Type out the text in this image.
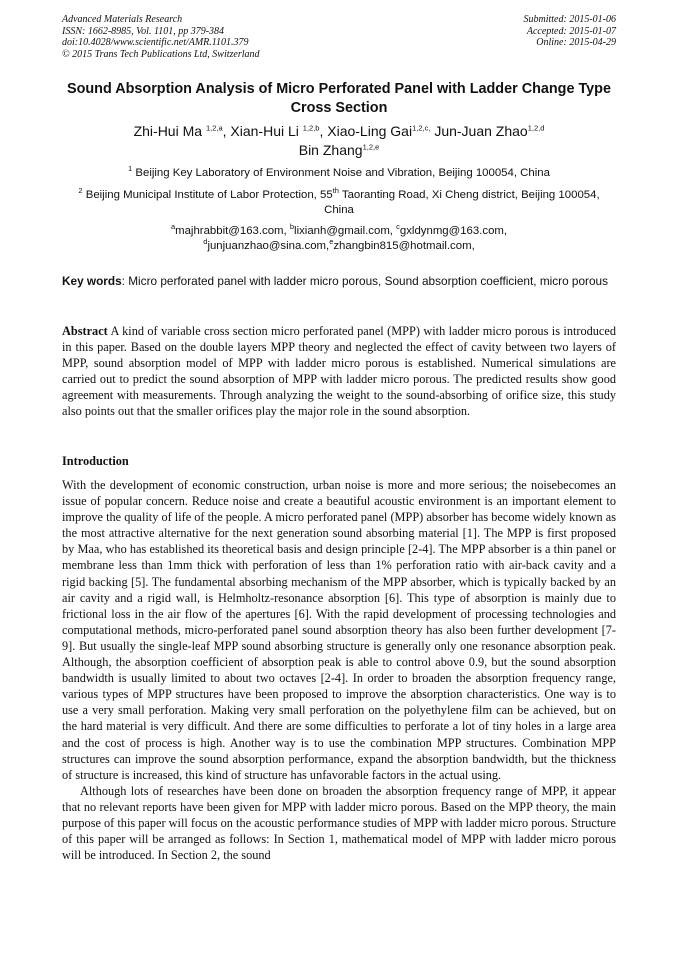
Advanced Materials Research
ISSN: 1662-8985, Vol. 1101, pp 379-384
doi:10.4028/www.scientific.net/AMR.1101.379
© 2015 Trans Tech Publications Ltd, Switzerland
Submitted: 2015-01-06
Accepted: 2015-01-07
Online: 2015-04-29
Sound Absorption Analysis of Micro Perforated Panel with Ladder Change Type Cross Section
Zhi-Hui Ma $^{1,2,a}$, Xian-Hui Li $^{1,2,b}$, Xiao-Ling Gai$^{1,2,c,}$ Jun-Juan Zhao$^{1,2,d}$
Bin Zhang$^{1,2,e}$
$^1$ Beijing Key Laboratory of Environment Noise and Vibration, Beijing 100054, China
$^2$ Beijing Municipal Institute of Labor Protection, 55th Taoranting Road, Xi Cheng district, Beijing 100054, China
$^a$majhrabbit@163.com, $^b$lixianh@gmail.com, $^c$gxldynmg@163.com,
$^d$junjuanzhao@sina.com,$^e$zhangbin815@hotmail.com,
Key words: Micro perforated panel with ladder micro porous, Sound absorption coefficient, micro porous
Abstract A kind of variable cross section micro perforated panel (MPP) with ladder micro porous is introduced in this paper. Based on the double layers MPP theory and neglected the effect of cavity between two layers of MPP, sound absorption model of MPP with ladder micro porous is established. Numerical simulations are carried out to predict the sound absorption of MPP with ladder micro porous. The predicted results show good agreement with measurements. Through analyzing the weight to the sound-absorbing of orifice size, this study also points out that the smaller orifices play the major role in the sound absorption.
Introduction

With the development of economic construction, urban noise is more and more serious; the noisebecomes an issue of popular concern. Reduce noise and create a beautiful acoustic environment is an important element to improve the quality of life of the people. A micro perforated panel (MPP) absorber has become widely known as the most attractive alternative for the next generation sound absorbing material [1]. The MPP is first proposed by Maa, who has established its theoretical basis and design principle [2-4]. The MPP absorber is a thin panel or membrane less than 1mm thick with perforation of less than 1% perforation ratio with air-back cavity and a rigid backing [5]. The fundamental absorbing mechanism of the MPP absorber, which is typically backed by an air cavity and a rigid wall, is Helmholtz-resonance absorption [6]. This type of absorption is mainly due to frictional loss in the air flow of the apertures [6]. With the rapid development of processing technologies and computational methods, micro-perforated panel sound absorption theory has also been further development [7-9]. But usually the single-leaf MPP sound absorbing structure is generally only one resonance absorption peak. Although, the absorption coefficient of absorption peak is able to control above 0.9, but the sound absorption bandwidth is usually limited to about two octaves [2-4]. In order to broaden the absorption frequency range, various types of MPP structures have been proposed to improve the absorption characteristics. One way is to use a very small perforation. Making very small perforation on the polyethylene film can be achieved, but on the hard material is very difficult. And there are some difficulties to perforate a lot of tiny holes in a large area and the cost of process is high. Another way is to use the combination MPP structures. Combination MPP structures can improve the sound absorption performance, expand the absorption bandwidth, but the thickness of structure is increased, this kind of structure has unfavorable factors in the actual using.

Although lots of researches have been done on broaden the absorption frequency range of MPP, it appear that no relevant reports have been given for MPP with ladder micro porous. Based on the MPP theory, the main purpose of this paper will focus on the acoustic performance studies of MPP with ladder micro porous. Structure of this paper will be arranged as follows: In Section 1, mathematical model of MPP with ladder micro porous will be introduced. In Section 2, the sound
